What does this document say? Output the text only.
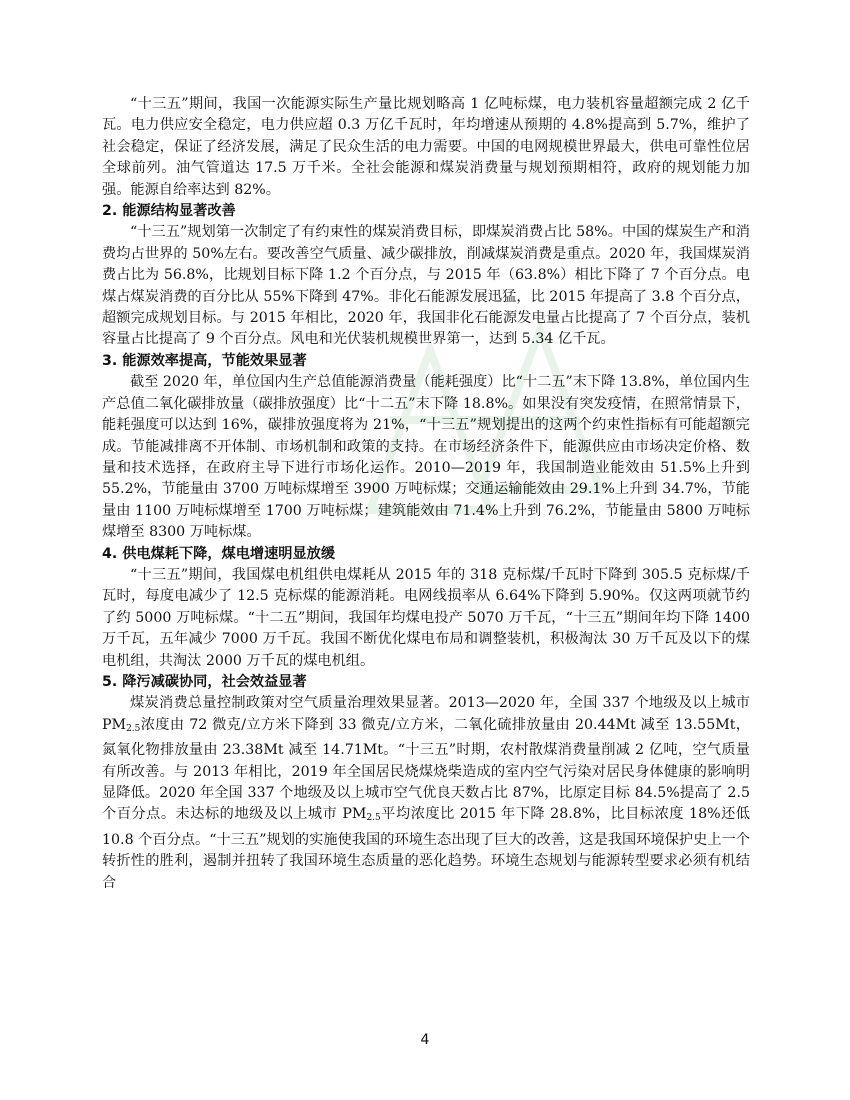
“十三五”期间，我国一次能源实际生产量比规划略高 1 亿吨标煤，电力装机容量超额完成 2 亿千瓦。电力供应安全稳定，电力供应超 0.3 万亿千瓦时，年均增速从预期的 4.8%提高到 5.7%，维护了社会稳定，保证了经济发展，满足了民众生活的电力需要。中国的电网规模世界最大，供电可靠性位居全球前列。油气管道达 17.5 万千米。全社会能源和煤炭消费量与规划预期相符，政府的规划能力加强。能源自给率达到 82%。

2. 能源结构显著改善

“十三五”规划第一次制定了有约束性的煤炭消费目标，即煤炭消费占比 58%。中国的煤炭生产和消费均占世界的 50%左右。要改善空气质量、减少碳排放，削减煤炭消费是重点。2020 年，我国煤炭消费占比为 56.8%，比规划目标下降 1.2 个百分点，与 2015 年（63.8%）相比下降了 7 个百分点。电煤占煤炭消费的百分比从 55%下降到 47%。非化石能源发展迅猛，比 2015 年提高了 3.8 个百分点，超额完成规划目标。与 2015 年相比，2020 年，我国非化石能源发电量占比提高了 7 个百分点，装机容量占比提高了 9 个百分点。风电和光伏装机规模世界第一，达到 5.34 亿千瓦。

3. 能源效率提高，节能效果显著

截至 2020 年，单位国内生产总值能源消费量（能耗强度）比“十二五”末下降 13.8%，单位国内生产总值二氧化碳排放量（碳排放强度）比“十二五”末下降 18.8%。如果没有突发疫情，在照常情景下，能耗强度可以达到 16%，碳排放强度将为 21%，“十三五”规划提出的这两个约束性指标有可能超额完成。节能减排离不开体制、市场机制和政策的支持。在市场经济条件下，能源供应由市场决定价格、数量和技术选择，在政府主导下进行市场化运作。2010—2019 年，我国制造业能效由 51.5%上升到 55.2%，节能量由 3700 万吨标煤增至 3900 万吨标煤；交通运输能效由 29.1%上升到 34.7%，节能量由 1100 万吨标煤增至 1700 万吨标煤；建筑能效由 71.4%上升到 76.2%，节能量由 5800 万吨标煤增至 8300 万吨标煤。

4. 供电煤耗下降，煤电增速明显放缓

“十三五”期间，我国煤电机组供电煤耗从 2015 年的 318 克标煤/千瓦时下降到 305.5 克标煤/千瓦时，每度电减少了 12.5 克标煤的能源消耗。电网线损率从 6.64%下降到 5.90%。仅这两项就节约了约 5000 万吨标煤。“十二五”期间，我国年均煤电投产 5070 万千瓦，“十三五”期间年均下降 1400 万千瓦，五年减少 7000 万千瓦。我国不断优化煤电布局和调整装机，积极淘汰 30 万千瓦及以下的煤电机组，共淘汰 2000 万千瓦的煤电机组。

5. 降污减碳协同，社会效益显著

煤炭消费总量控制政策对空气质量治理效果显著。2013—2020 年，全国 337 个地级及以上城市 $PM_{2.5}$浓度由 72 微克/立方米下降到 33 微克/立方米，二氧化硫排放量由 20.44Mt 减至 13.55Mt，氮氧化物排放量由 23.38Mt 减至 14.71Mt。“十三五”时期，农村散煤消费量削减 2 亿吨，空气质量有所改善。与 2013 年相比，2019 年全国居民烧煤烧柴造成的室内空气污染对居民身体健康的影响明显降低。2020 年全国 337 个地级及以上城市空气优良天数占比 87%，比原定目标 84.5%提高了 2.5 个百分点。未达标的地级及以上城市 $PM_{2.5}$平均浓度比 2015 年下降 28.8%，比目标浓度 18%还低 10.8 个百分点。“十三五”规划的实施使我国的环境生态出现了巨大的改善，这是我国环境保护史上一个转折性的胜利，遏制并扭转了我国环境生态质量的恶化趋势。环境生态规划与能源转型要求必须有机结合

4
